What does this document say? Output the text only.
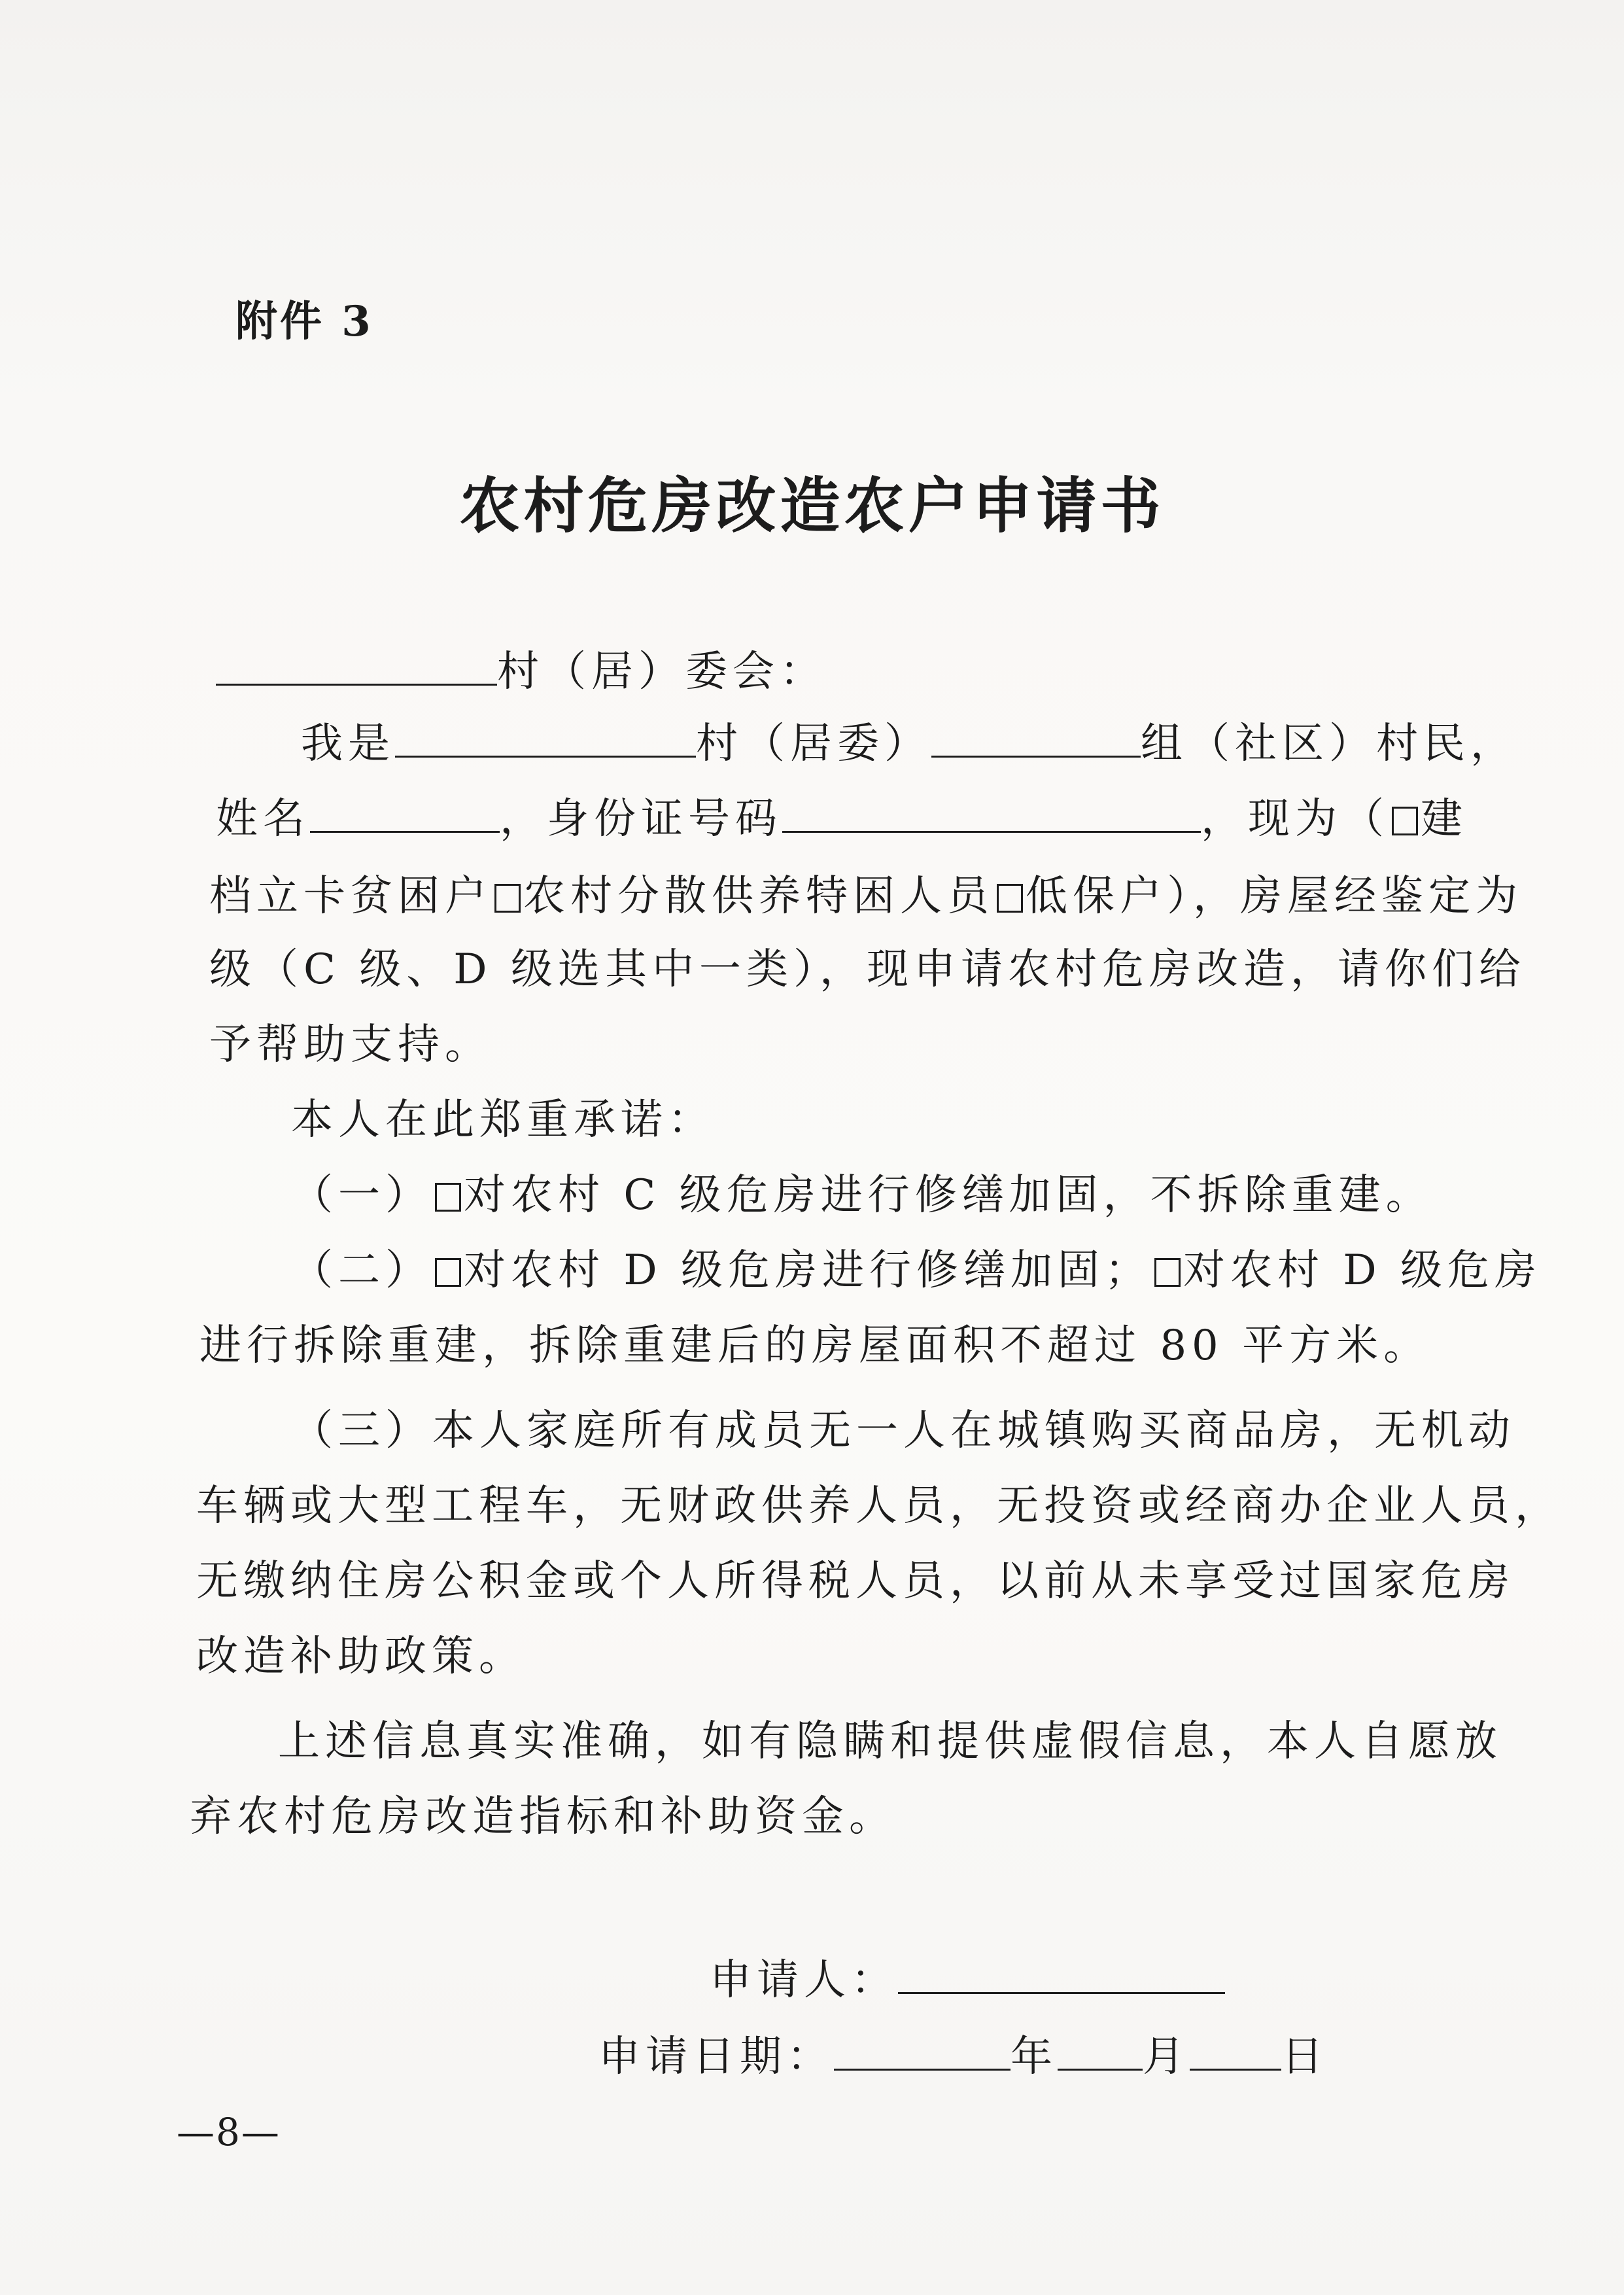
附件 3
农村危房改造农户申请书
村（居）委会：
我是	村（居委）	组（社区）村民，
姓名	，身份证号码	，现为（ 建
档立卡贫困户 农村分散供养特困人员 低保户），房屋经鉴定为
级（C 级、D 级选其中一类），现申请农村危房改造，请你们给
予帮助支持。
本人在此郑重承诺：
（一） 对农村 C 级危房进行修缮加固，不拆除重建。
（二） 对农村 D 级危房进行修缮加固； 对农村 D 级危房
进行拆除重建，拆除重建后的房屋面积不超过 80 平方米。
（三）本人家庭所有成员无一人在城镇购买商品房，无机动
车辆或大型工程车，无财政供养人员，无投资或经商办企业人员，
无缴纳住房公积金或个人所得税人员，以前从未享受过国家危房
改造补助政策。
上述信息真实准确，如有隐瞒和提供虚假信息，本人自愿放
弃农村危房改造指标和补助资金。
申请人：
申请日期：	年 月 日
—8—
